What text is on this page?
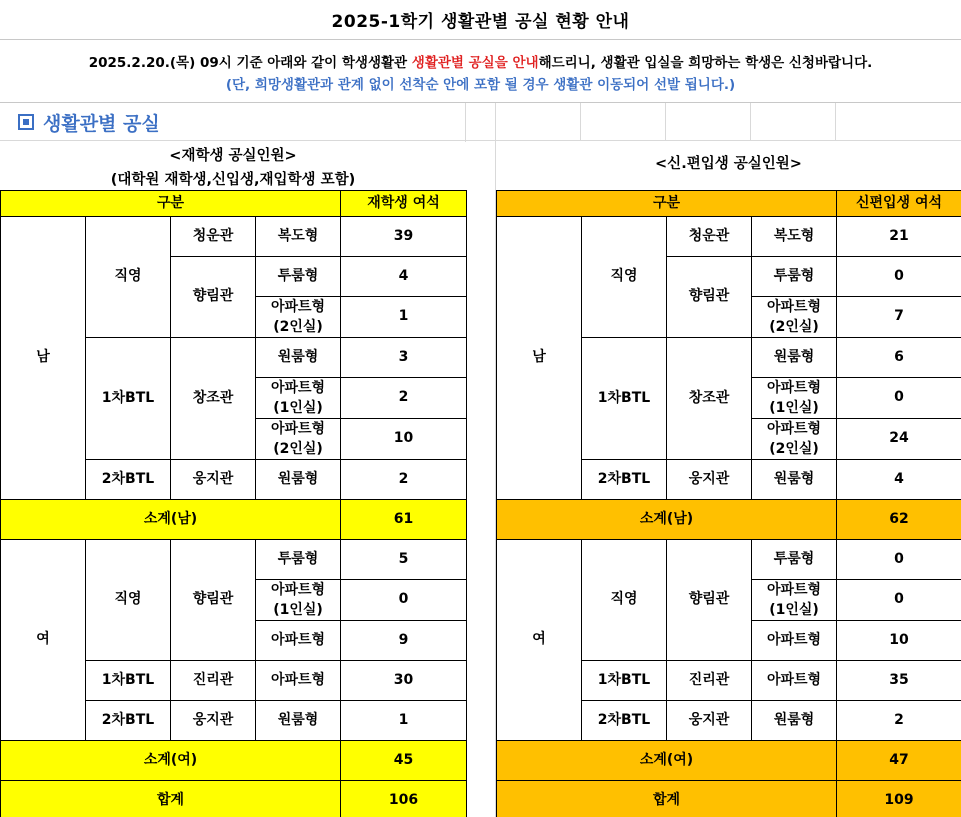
2025-1학기 생활관별 공실 현황 안내
2025.2.20.(목) 09시 기준 아래와 같이 학생생활관 생활관별 공실을 안내해드리니, 생활관 입실을 희망하는 학생은 신청바랍니다.
(단, 희망생활관과 관계 없이 선착순 안에 포함 될 경우 생활관 이동되어 선발 됩니다.)
생활관별 공실
<재학생 공실인원>
(대학원 재학생,신입생,재입학생 포함)
<신.편입생 공실인원>
구분				재학생 여석
남	직영	청운관	복도형	39
		향림관	투룸형	4

			아파트형
(2인실)	1
	1차BTL	창조관	원룸형	3

			아파트형
(1인실)	2

			아파트형
(2인실)	10
	2차BTL	웅지관	원룸형	2
소계(남)				61
여	직영	향림관	투룸형	5

			아파트형
(1인실)	0
			아파트형	9
	1차BTL	진리관	아파트형	30
	2차BTL	웅지관	원룸형	1
소계(여)				45
합계				106
구분				신편입생 여석
남	직영	청운관	복도형	21
		향림관	투룸형	0

			아파트형
(2인실)	7
	1차BTL	창조관	원룸형	6

			아파트형
(1인실)	0

			아파트형
(2인실)	24
	2차BTL	웅지관	원룸형	4
소계(남)				62
여	직영	향림관	투룸형	0

			아파트형
(1인실)	0
			아파트형	10
	1차BTL	진리관	아파트형	35
	2차BTL	웅지관	원룸형	2
소계(여)				47
합계				109
